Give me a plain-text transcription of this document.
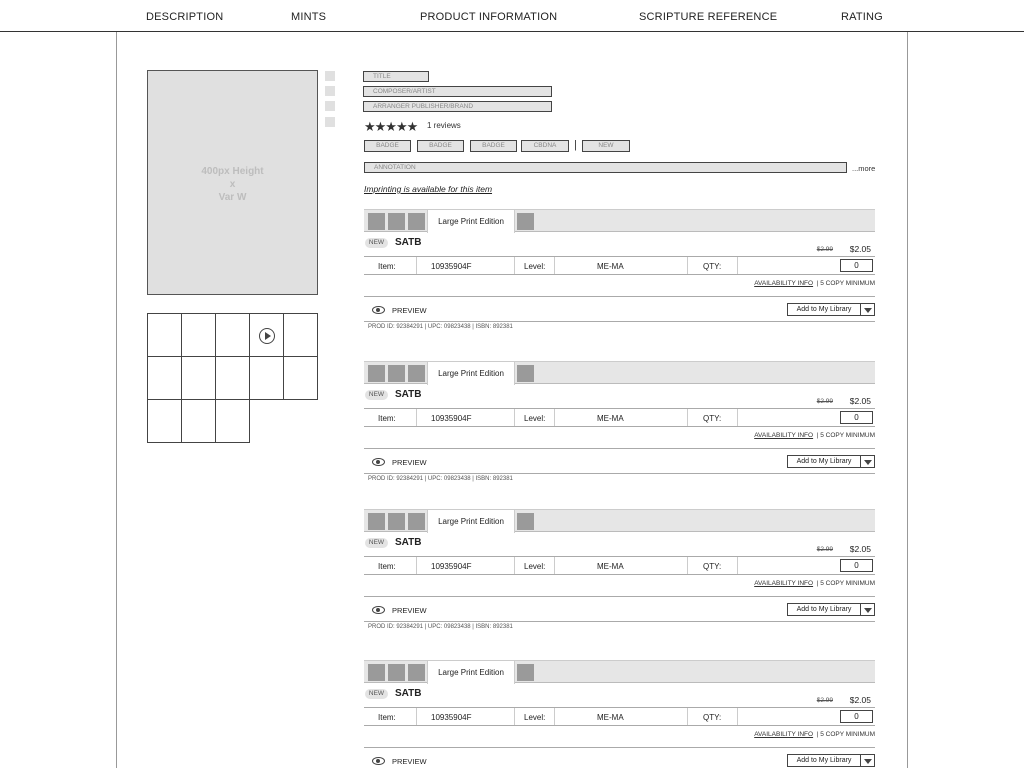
DESCRIPTION	MINTS	PRODUCT INFORMATION	SCRIPTURE REFERENCE	RATING
400px Height
x
Var W
TITLE
COMPOSER/ARTIST
ARRANGER PUBLISHER/BRAND
★★★★★ 1 reviews
BADGE	BADGE	BADGE	CBDNA	|	NEW
ANNOTATION	...more
Imprinting is available for this item
Large Print Edition
NEW	SATB
$2.99 $2.05
Item:	10935904F	Level:	ME-MA	QTY:	0
AVAILABILITY INFO | 5 COPY MINIMUM
PREVIEW	Add to My Library
PROD ID: 92384291 | UPC: 09823438 | ISBN: 892381
Large Print Edition
NEW	SATB
$2.99 $2.05
Item:	10935904F	Level:	ME-MA	QTY:	0
AVAILABILITY INFO | 5 COPY MINIMUM
PREVIEW	Add to My Library
PROD ID: 92384291 | UPC: 09823438 | ISBN: 892381
Large Print Edition
NEW	SATB
$2.99 $2.05
Item:	10935904F	Level:	ME-MA	QTY:	0
AVAILABILITY INFO | 5 COPY MINIMUM
PREVIEW	Add to My Library
PROD ID: 92384291 | UPC: 09823438 | ISBN: 892381
Large Print Edition
NEW	SATB
$2.99 $2.05
Item:	10935904F	Level:	ME-MA	QTY:	0
AVAILABILITY INFO | 5 COPY MINIMUM
PREVIEW	Add to My Library
